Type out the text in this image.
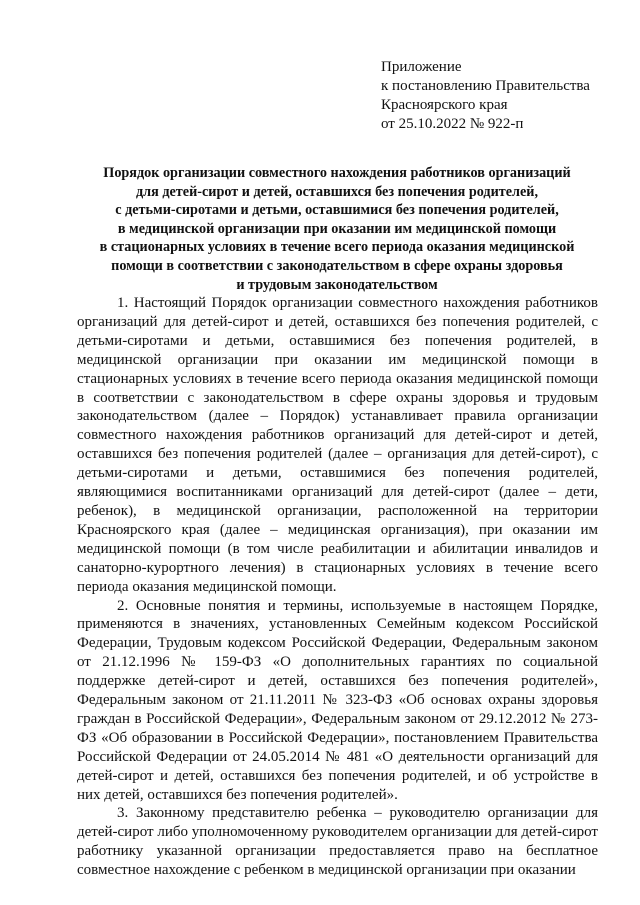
Приложение
к постановлению Правительства
Красноярского края
от 25.10.2022 № 922-п
Порядок организации совместного нахождения работников организаций
для детей-сирот и детей, оставшихся без попечения родителей,
с детьми-сиротами и детьми, оставшимися без попечения родителей,
в медицинской организации при оказании им медицинской помощи
в стационарных условиях в течение всего периода оказания медицинской
помощи в соответствии с законодательством в сфере охраны здоровья
и трудовым законодательством

1. Настоящий Порядок организации совместного нахождения работников организаций для детей-сирот и детей, оставшихся без попечения родителей, с детьми-сиротами и детьми, оставшимися без попечения родителей, в медицинской организации при оказании им медицинской помощи в стационарных условиях в течение всего периода оказания медицинской помощи в соответствии с законодательством в сфере охраны здоровья и трудовым законодательством (далее – Порядок) устанавливает правила организации совместного нахождения работников организаций для детей-сирот и детей, оставшихся без попечения родителей (далее – организация для детей-сирот), с детьми-сиротами и детьми, оставшимися без попечения родителей, являющимися воспитанниками организаций для детей-сирот (далее – дети, ребенок), в медицинской организации, расположенной на территории Красноярского края (далее – медицинская организация), при оказании им медицинской помощи (в том числе реабилитации и абилитации инвалидов и санаторно-курортного лечения) в стационарных условиях в течение всего периода оказания медицинской помощи.

2. Основные понятия и термины, используемые в настоящем Порядке, применяются в значениях, установленных Семейным кодексом Российской Федерации, Трудовым кодексом Российской Федерации, Федеральным законом от 21.12.1996 № 159-ФЗ «О дополнительных гарантиях по социальной поддержке детей-сирот и детей, оставшихся без попечения родителей», Федеральным законом от 21.11.2011 № 323-ФЗ «Об основах охраны здоровья граждан в Российской Федерации», Федеральным законом от 29.12.2012 № 273-ФЗ «Об образовании в Российской Федерации», постановлением Правительства Российской Федерации от 24.05.2014 № 481 «О деятельности организаций для детей-сирот и детей, оставшихся без попечения родителей, и об устройстве в них детей, оставшихся без попечения родителей».

3. Законному представителю ребенка – руководителю организации для детей-сирот либо уполномоченному руководителем организации для детей-сирот работнику указанной организации предоставляется право на бесплатное совместное нахождение с ребенком в медицинской организации при оказании
